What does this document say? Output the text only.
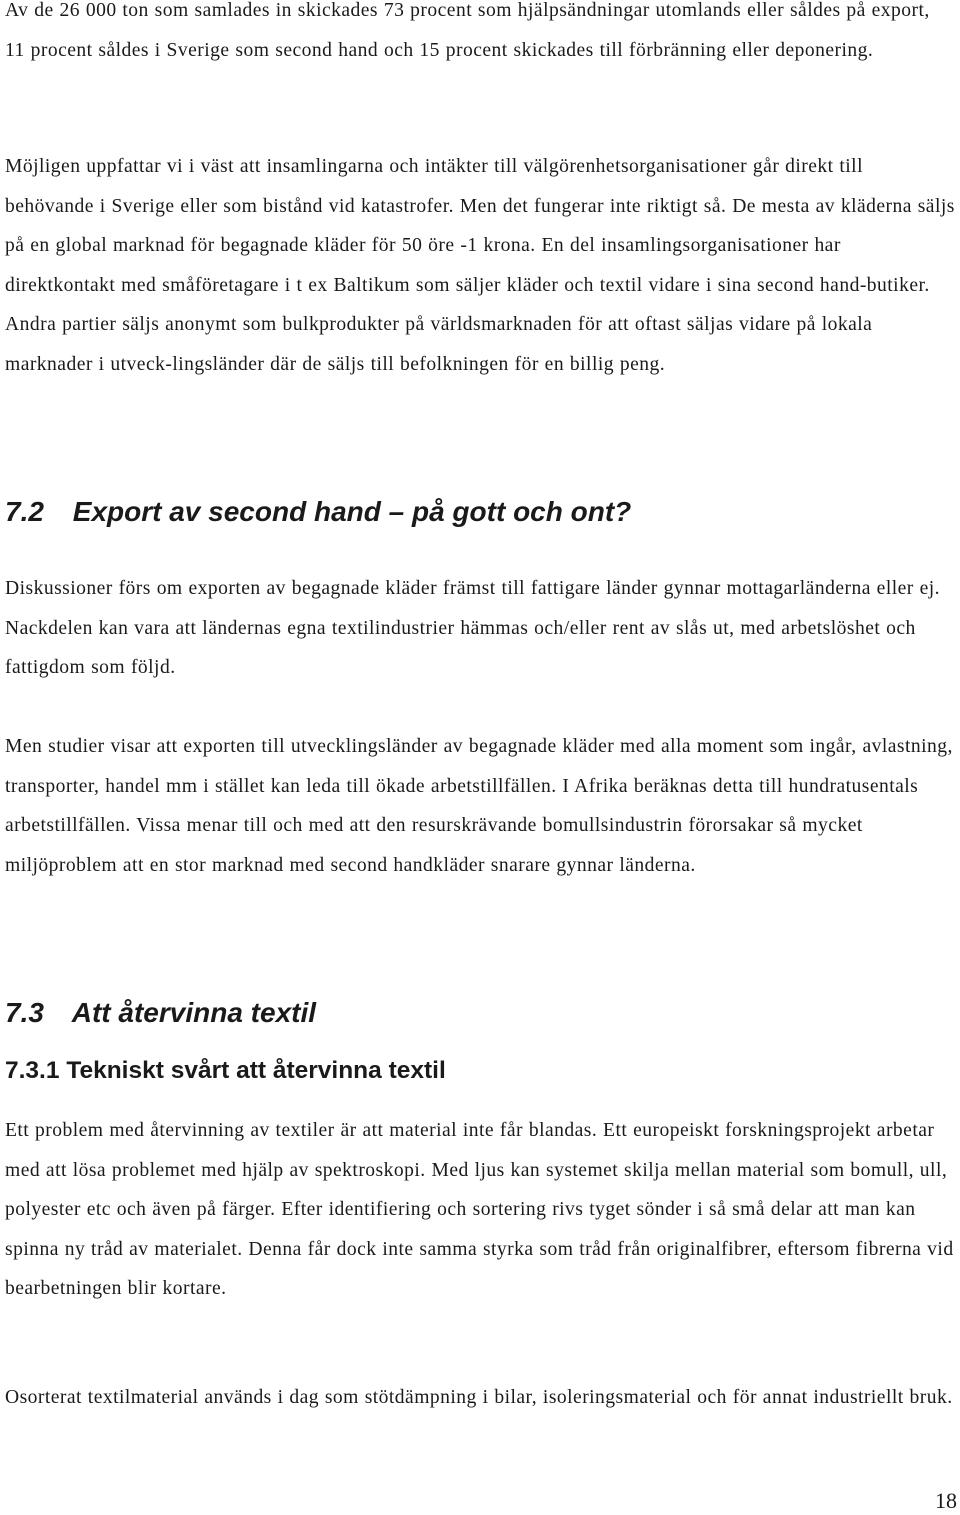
Av de 26 000 ton som samlades in skickades 73 procent som hjälpsändningar utomlands eller såldes på export, 11 procent såldes i Sverige som second hand och 15 procent skickades till förbränning eller deponering.

Möjligen uppfattar vi i väst att insamlingarna och intäkter till välgörenhetsorganisationer går direkt till behövande i Sverige eller som bistånd vid katastrofer. Men det fungerar inte riktigt så. De mesta av kläderna säljs på en global marknad för begagnade kläder för 50 öre -1 krona. En del insamlingsorganisationer har direktkontakt med småföretagare i t ex Baltikum som säljer kläder och textil vidare i sina second hand-butiker. Andra partier säljs anonymt som bulkprodukter på världsmarknaden för att oftast säljas vidare på lokala marknader i utveck-lingsländer där de säljs till befolkningen för en billig peng.

7.2 Export av second hand – på gott och ont?

Diskussioner förs om exporten av begagnade kläder främst till fattigare länder gynnar mottagarländerna eller ej. Nackdelen kan vara att ländernas egna textilindustrier hämmas och/eller rent av slås ut, med arbetslöshet och fattigdom som följd.

Men studier visar att exporten till utvecklingsländer av begagnade kläder med alla moment som ingår, avlastning, transporter, handel mm i stället kan leda till ökade arbetstillfällen. I Afrika beräknas detta till hundratusentals arbetstillfällen. Vissa menar till och med att den resurskrävande bomullsindustrin förorsakar så mycket miljöproblem att en stor marknad med second handkläder snarare gynnar länderna.

7.3 Att återvinna textil
7.3.1 Tekniskt svårt att återvinna textil

Ett problem med återvinning av textiler är att material inte får blandas. Ett europeiskt forskningsprojekt arbetar med att lösa problemet med hjälp av spektroskopi. Med ljus kan systemet skilja mellan material som bomull, ull, polyester etc och även på färger. Efter identifiering och sortering rivs tyget sönder i så små delar att man kan spinna ny tråd av materialet. Denna får dock inte samma styrka som tråd från originalfibrer, eftersom fibrerna vid bearbetningen blir kortare.

Osorterat textilmaterial används i dag som stötdämpning i bilar, isoleringsmaterial och för annat industriellt bruk.

18
